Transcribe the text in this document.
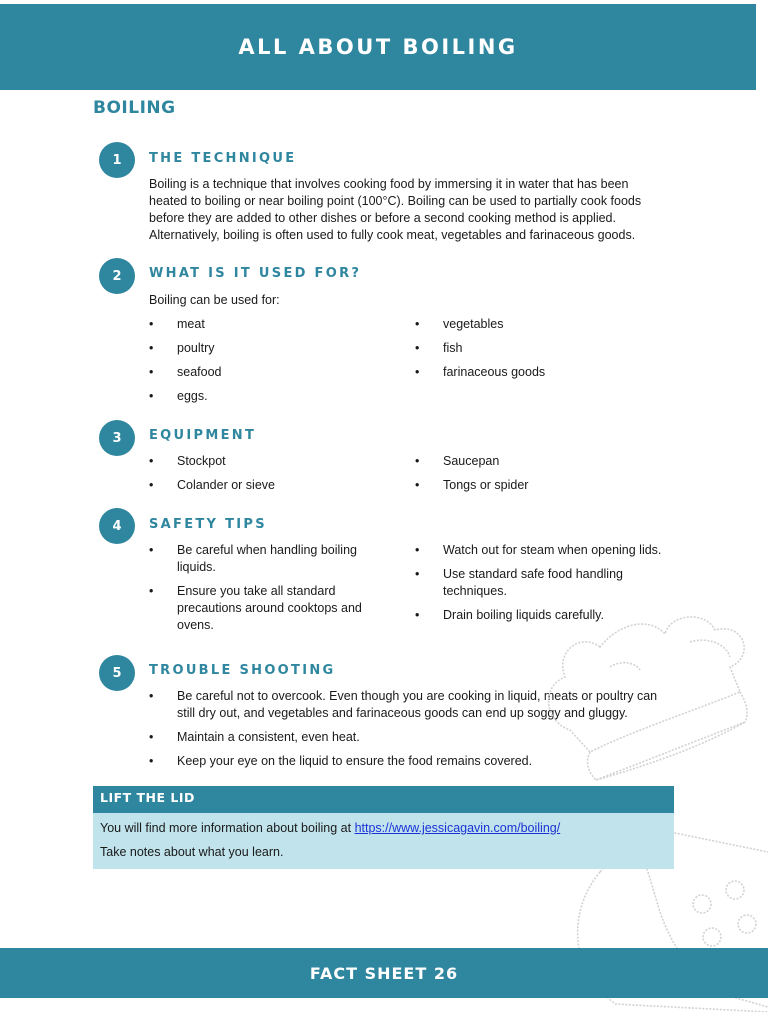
ALL ABOUT BOILING
BOILING
1	THE TECHNIQUE

Boiling is a technique that involves cooking food by immersing it in water that has been heated to boiling or near boiling point (100°C). Boiling can be used to partially cook foods before they are added to other dishes or before a second cooking method is applied. Alternatively, boiling is often used to fully cook meat, vegetables and farinaceous goods.

2	WHAT IS IT USED FOR?

Boiling can be used for:

• meat
• poultry
• seafood
• eggs.
• vegetables
• fish
• farinaceous goods
3	EQUIPMENT
• Stockpot
• Colander or sieve
• Saucepan
• Tongs or spider
4	SAFETY TIPS
• Be careful when handling boiling liquids.
• Ensure you take all standard precautions around cooktops and ovens.
• Watch out for steam when opening lids.
• Use standard safe food handling techniques.
• Drain boiling liquids carefully.
5	TROUBLE SHOOTING
• Be careful not to overcook. Even though you are cooking in liquid, meats or poultry can still dry out, and vegetables and farinaceous goods can end up soggy and gluggy.
• Maintain a consistent, even heat.
• Keep your eye on the liquid to ensure the food remains covered.
LIFT THE LID

You will find more information about boiling at https://www.jessicagavin.com/boiling/

Take notes about what you learn.

FACT SHEET 26
